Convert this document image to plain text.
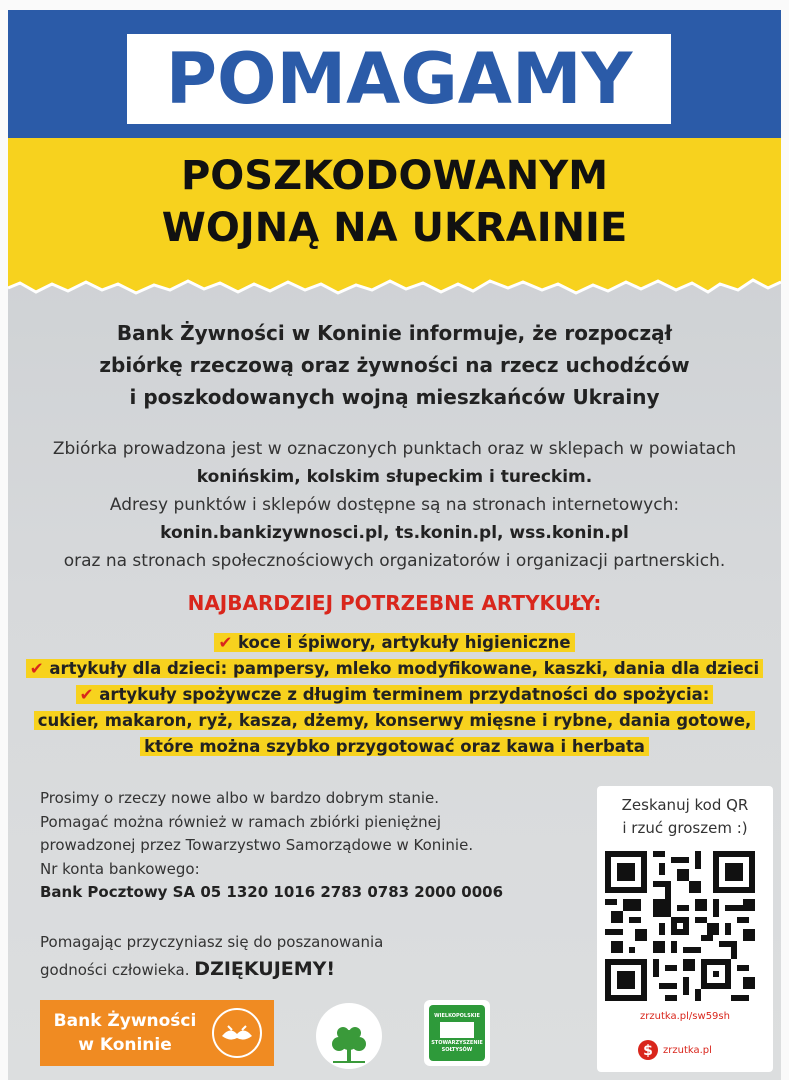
POMAGAMY
POSZKODOWANYM
WOJNĄ NA UKRAINIE
Bank Żywności w Koninie informuje, że rozpoczął
zbiórkę rzeczową oraz żywności na rzecz uchodźców
i poszkodowanych wojną mieszkańców Ukrainy
Zbiórka prowadzona jest w oznaczonych punktach oraz w sklepach w powiatach
konińskim, kolskim słupeckim i tureckim.
Adresy punktów i sklepów dostępne są na stronach internetowych:
konin.bankizywnosci.pl, ts.konin.pl, wss.konin.pl
oraz na stronach społecznościowych organizatorów i organizacji partnerskich.
NAJBARDZIEJ POTRZEBNE ARTYKUŁY:
✔ koce i śpiwory, artykuły higieniczne
✔ artykuły dla dzieci: pampersy, mleko modyfikowane, kaszki, dania dla dzieci
✔ artykuły spożywcze z długim terminem przydatności do spożycia:
cukier, makaron, ryż, kasza, dżemy, konserwy mięsne i rybne, dania gotowe,
które można szybko przygotować oraz kawa i herbata
Prosimy o rzeczy nowe albo w bardzo dobrym stanie.
Pomagać można również w ramach zbiórki pieniężnej
prowadzonej przez Towarzystwo Samorządowe w Koninie.
Nr konta bankowego:
Bank Pocztowy SA 05 1320 1016 2783 0783 2000 0006
Pomagając przyczyniasz się do poszanowania
godności człowieka. DZIĘKUJEMY!
Zeskanuj kod QR
i rzuć groszem :)
zrzutka.pl/sw59sh
$ zrzutka.pl
Bank Żywności
w Koninie
WIELKOPOLSKIE
STOWARZYSZENIE
SOŁTYSÓW
